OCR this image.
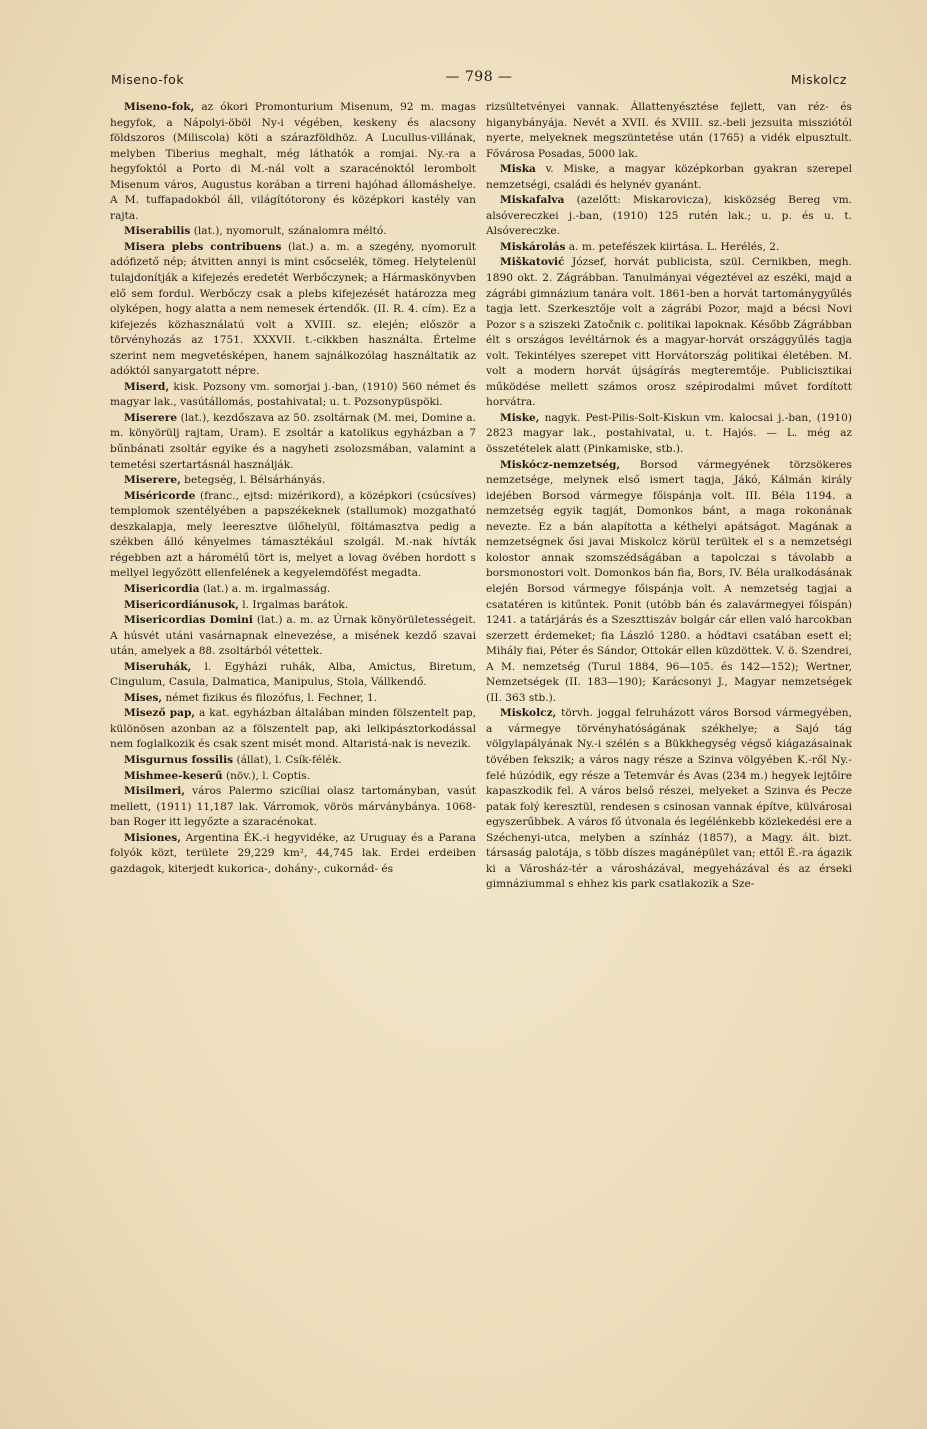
Miseno-fok	— 798 —	Miskolcz

Miseno-fok, az ókori Promonturium Misenum, 92 m. magas hegyfok, a Nápolyi-öböl Ny-i végében, keskeny és alacsony földszoros (Miliscola) köti a szárazföldhöz. A Lucullus-villának, melyben Tiberius meghalt, még láthatók a romjai. Ny.-ra a hegyfoktól a Porto di M.-nál volt a szaracénoktól lerombolt Misenum város, Augustus korában a tirreni hajóhad állomáshelye. A M. tuffapadokból áll, világítótorony és középkori kastély van rajta.

Miserabilis (lat.), nyomorult, szánalomra méltó.

Misera plebs contribuens (lat.) a. m. a szegény, nyomorult adófizető nép; átvitten annyi is mint csőcselék, tömeg. Helytelenül tulajdonítják a kifejezés eredetét Werbőczynek; a Hármaskönyvben elő sem fordul. Werbőczy csak a plebs kifejezését határozza meg olyképen, hogy alatta a nem nemesek értendők. (II. R. 4. cím). Ez a kifejezés közhasználatú volt a XVIII. sz. elején; először a törvényhozás az 1751. XXXVII. t.-cikkben használta. Értelme szerint nem megvetésképen, hanem sajnálkozólag használtatik az adóktól sanyargatott népre.

Miserd, kisk. Pozsony vm. somorjai j.-ban, (1910) 560 német és magyar lak., vasútállomás, postahivatal; u. t. Pozsonypüspöki.

Miserere (lat.), kezdőszava az 50. zsoltárnak (M. mei, Domine a. m. könyörülj rajtam, Uram). E zsoltár a katolikus egyházban a 7 bűnbánati zsoltár egyike és a nagyheti zsolozsmában, valamint a temetési szertartásnál használják.

Miserere, betegség, l. Bélsárhányás.

Miséricorde (franc., ejtsd: mizérikord), a középkori (csúcsíves) templomok szentélyében a papszékeknek (stallumok) mozgatható deszkalapja, mely leeresztve ülőhelyül, föltámasztva pedig a székben álló kényelmes támasztékául szolgál. M.-nak hívták régebben azt a háromélű tört is, melyet a lovag övében hordott s mellyel legyőzött ellenfelének a kegyelemdöfést megadta.

Misericordia (lat.) a. m. irgalmasság.

Misericordiánusok, l. Irgalmas barátok.

Misericordias Domini (lat.) a. m. az Úrnak könyörületességeit. A húsvét utáni vasárnapnak elnevezése, a misének kezdő szavai után, amelyek a 88. zsoltárból vétettek.

Miseruhák, l. Egyházi ruhák, Alba, Amictus, Biretum, Cingulum, Casula, Dalmatica, Manipulus, Stola, Vállkendő.

Mises, német fizikus és filozófus, l. Fechner, 1.

Misező pap, a kat. egyházban általában minden fölszentelt pap, különösen azonban az a fölszentelt pap, aki lelkipásztorkodással nem foglalkozik és csak szent misét mond. Altaristá-nak is nevezik.

Misgurnus fossilis (állat), l. Csík-félék.

Mishmee-keserű (növ.), l. Coptis.

Misilmeri, város Palermo szicíliai olasz tartományban, vasút mellett, (1911) 11,187 lak. Várromok, vörös márványbánya. 1068-ban Roger itt legyőzte a szaracénokat.

Misiones, Argentina ÉK.-i hegyvidéke, az Uruguay és a Parana folyók közt, területe 29,229 km², 44,745 lak. Erdei erdeiben gazdagok, kiterjedt kukorica-, dohány-, cukornád- és

rizsültetvényei vannak. Állattenyésztése fejlett, van réz- és higanybányája. Nevét a XVII. és XVIII. sz.-beli jezsuita missziótól nyerte, melyeknek megszüntetése után (1765) a vidék elpusztult. Fővárosa Posadas, 5000 lak.

Miska v. Miske, a magyar középkorban gyakran szerepel nemzetségi, családi és helynév gyanánt.

Miskafalva (azelőtt: Miskarovicza), kisközség Bereg vm. alsóvereczkei j.-ban, (1910) 125 rutén lak.; u. p. és u. t. Alsóvereczke.

Miskárolás a. m. petefészek kiirtása. L. Herélés, 2.

Miškatović József, horvát publicista, szül. Cernikben, megh. 1890 okt. 2. Zágrábban. Tanulmányai végeztével az eszéki, majd a zágrábi gimnázium tanára volt. 1861-ben a horvát tartománygyűlés tagja lett. Szerkesztője volt a zágrábi Pozor, majd a bécsi Novi Pozor s a sziszeki Zatočnik c. politikai lapoknak. Később Zágrábban élt s országos levéltárnok és a magyar-horvát országgyűlés tagja volt. Tekintélyes szerepet vitt Horvátország politikai életében. M. volt a modern horvát újságírás megteremtője. Publicisztikai működése mellett számos orosz szépirodalmi művet fordított horvátra.

Miske, nagyk. Pest-Pilis-Solt-Kiskun vm. kalocsai j.-ban, (1910) 2823 magyar lak., postahivatal, u. t. Hajós. — L. még az összetételek alatt (Pinkamiske, stb.).

Miskócz-nemzetség, Borsod vármegyének törzsökeres nemzetsége, melynek első ismert tagja, Jákó, Kálmán király idejében Borsod vármegye főispánja volt. III. Béla 1194. a nemzetség egyik tagját, Domonkos bánt, a maga rokonának nevezte. Ez a bán alapította a kéthelyi apátságot. Magának a nemzetségnek ősi javai Miskolcz körül terültek el s a nemzetségi kolostor annak szomszédságában a tapolczai s távolabb a borsmonostori volt. Domonkos bán fia, Bors, IV. Béla uralkodásának elején Borsod vármegye főispánja volt. A nemzetség tagjai a csatatéren is kitűntek. Ponit (utóbb bán és zalavármegyei főispán) 1241. a tatárjárás és a Szeszttiszáv bolgár cár ellen való harcokban szerzett érdemeket; fia László 1280. a hódtavi csatában esett el; Mihály fiai, Péter és Sándor, Ottokár ellen küzdöttek. V. ö. Szendrei, A M. nemzetség (Turul 1884, 96—105. és 142—152); Wertner, Nemzetségek (II. 183—190); Karácsonyi J., Magyar nemzetségek (II. 363 stb.).

Miskolcz, törvh. joggal felruházott város Borsod vármegyében, a vármegye törvényhatóságának székhelye; a Sajó tág völgylapályának Ny.-i szélén s a Bükkhegység végső kiágazásainak tövében fekszik; a város nagy része a Szinva völgyében K.-ről Ny.-felé húzódik, egy része a Tetemvár és Avas (234 m.) hegyek lejtőire kapaszkodik fel. A város belső részei, melyeket a Szinva és Pecze patak folý keresztül, rendesen s csinosan vannak építve, külvárosai egyszerűbbek. A város fő útvonala és legélénkebb közlekedési ere a Széchenyi-utca, melyben a színház (1857), a Magy. ált. bizt. társaság palotája, s több díszes magánépület van; ettől É.-ra ágazik ki a Városház-tér a városházával, megyeházával és az érseki gimnáziummal s ehhez kis park csatlakozik a Sze-
